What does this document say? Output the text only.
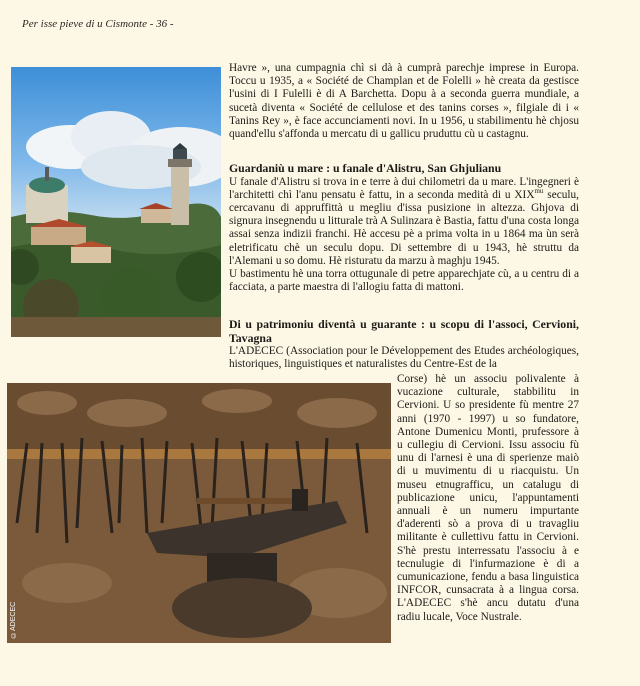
Per isse pieve di u Cismonte - 36 -
©ADECEC

Havre », una cumpagnia chì si dà à cumprà parechje imprese in Europa. Toccu u 1935, a « Société de Champlan et de Folelli » hè creata da gestisce l'usini di I Fulelli è di A Barchetta. Dopu à a seconda guerra mundiale, a sucetà diventa « Société de cellulose et des tanins corses », filgiale di i « Tanins Rey », è face accunciamenti novi. In u 1956, u stabilimentu hè chjosu quand'ellu s'affonda u mercatu di u gallicu pruduttu cù u castagnu.

Guardaniù u mare : u fanale d'Alistru, San Ghjulianu

U fanale d'Alistru si trova in e terre à dui chilometri da u mare. L'ingegneri è l'architetti chì l'anu pensatu è fattu, in a seconda medità di u $XIX^{mu}$ seculu, cercavanu di appruffittà u megliu d'issa pusizione in altezza. Ghjova di signura insegnendu u litturale trà A Sulinzara è Bastia, fattu d'una costa longa assai senza indizii franchi. Hè accesu pè a prima volta in u 1864 ma ùn serà eletrificatu chè un seculu dopu. Di settembre di u 1943, hè struttu da l'Alemani u so domu. Hè risturatu da marzu à maghju 1945.

U bastimentu hè una torra ottugunale di petre apparechjate cù, a u centru di a facciata, a parte maestra di l'allogiu fatta di mattoni.

Di u patrimoniu diventà u guarante : u scopu di l'associ, Cervioni, Tavagna

L'ADECEC (Association pour le Développement des Etudes archéologiques, historiques, linguistiques et naturalistes du Centre-Est de la

Corse) hè un associu polivalente à vucazione culturale, stabbilitu in Cervioni. U so presidente fù mentre 27 anni (1970 - 1997) u so fundatore, Antone Dumenicu Monti, prufessore à u cullegiu di Cervioni. Issu associu fù unu di l'arnesi è una di sperienze maiò di u muvimentu di u riacquistu. Un museu etnugrafficu, un catalugu di publicazione unicu, l'appuntamenti annuali è un numeru impurtante d'aderenti sò a prova di u travagliu militante è cullettivu fattu in Cervioni. S'hè prestu interressatu l'associu à e tecnulugie di l'infurmazione è di a cumunicazione, fendu a basa linguistica INFCOR, cunsacrata à a lingua corsa. L'ADECEC s'hè ancu dutatu d'una radiu lucale, Voce Nustrale.
